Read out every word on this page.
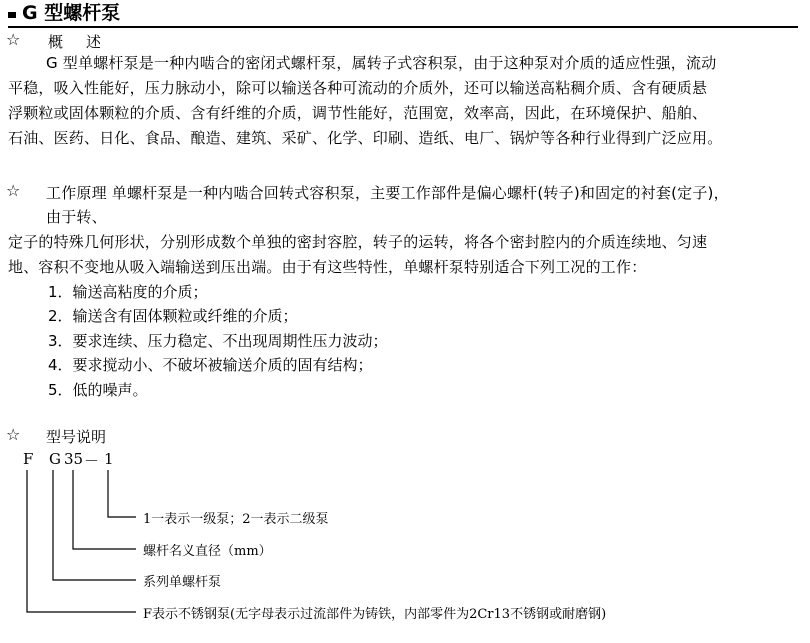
G 型螺杆泵
☆ 概　述
G 型单螺杆泵是一种内啮合的密闭式螺杆泵，属转子式容积泵，由于这种泵对介质的适应性强，流动
平稳，吸入性能好，压力脉动小，除可以输送各种可流动的介质外，还可以输送高粘稠介质、含有硬质悬
浮颗粒或固体颗粒的介质、含有纤维的介质，调节性能好，范围宽，效率高，因此，在环境保护、船舶、
石油、医药、日化、食品、酿造、建筑、采矿、化学、印刷、造纸、电厂、锅炉等各种行业得到广泛应用。
☆ 工作原理 单螺杆泵是一种内啮合回转式容积泵，主要工作部件是偏心螺杆(转子)和固定的衬套(定子)，
由于转、
定子的特殊几何形状，分别形成数个单独的密封容腔，转子的运转，将各个密封腔内的介质连续地、匀速
地、容积不变地从吸入端输送到压出端。由于有这些特性，单螺杆泵特别适合下列工况的工作：
1．输送高粘度的介质；
2．输送含有固体颗粒或纤维的介质；
3．要求连续、压力稳定、不出现周期性压力波动；
4．要求搅动小、不破坏被输送介质的固有结构；
5．低的噪声。
☆ 型号说明
F G 35 － 1
1一表示一级泵；2一表示二级泵
螺杆名义直径（mm）
系列单螺杆泵
F表示不锈钢泵(无字母表示过流部件为铸铁，内部零件为2Cr13不锈钢或耐磨钢)
